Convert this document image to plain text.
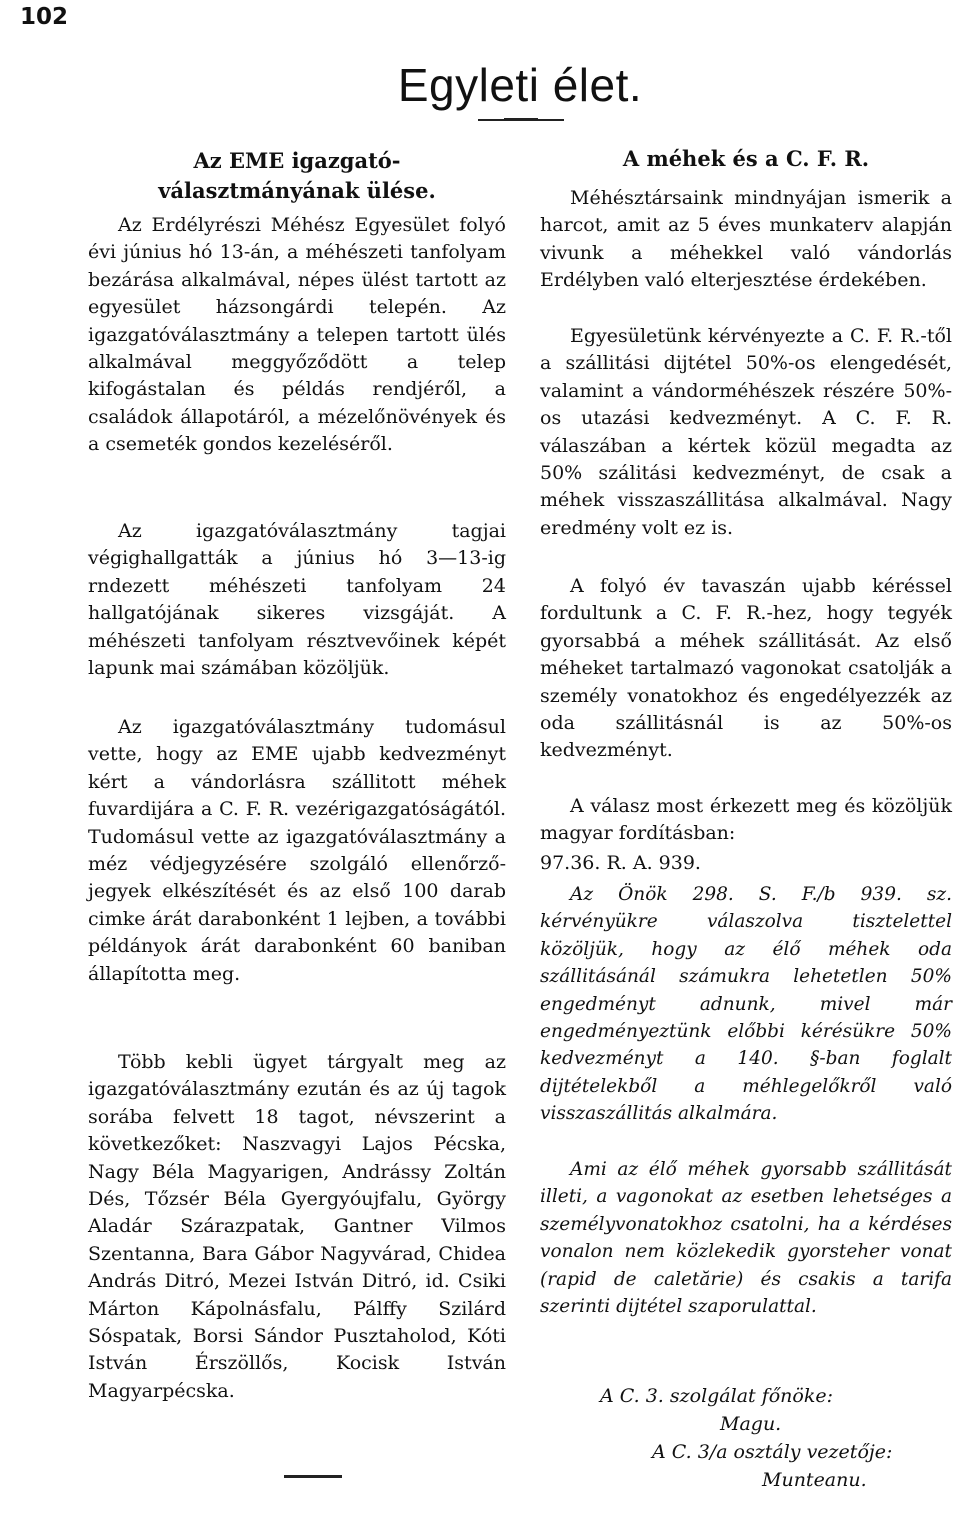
102
Egyleti élet.
Az EME igazgató-
választmányának ülése.

Az Erdélyrészi Méhész Egyesület folyó évi június hó 13-án, a méhészeti tanfolyam bezárása alkalmával, népes ülést tartott az egyesület házsongárdi telepén. Az igazgatóválasztmány a telepen tartott ülés alkalmával meggyőződött a telep kifogástalan és példás rendjéről, a családok állapotáról, a mézelőnövények és a csemeték gondos kezeléséről.

Az igazgatóválasztmány tagjai végighallgatták a június hó 3—13-ig rndezett méhészeti tanfolyam 24 hallgatójának sikeres vizsgáját. A méhészeti tanfolyam résztvevőinek képét lapunk mai számában közöljük.

Az igazgatóválasztmány tudomásul vette, hogy az EME ujabb kedvezményt kért a vándorlásra szállitott méhek fuvardijára a C. F. R. vezérigazgatóságától. Tudomásul vette az igazgatóválasztmány a méz védjegyzésére szolgáló ellenőrző-jegyek elkészítését és az első 100 darab cimke árát darabonként 1 lejben, a további példányok árát darabonként 60 baniban állapította meg.

Több kebli ügyet tárgyalt meg az igazgatóválasztmány ezután és az új tagok sorába felvett 18 tagot, névszerint a következőket: Naszvagyi Lajos Pécska, Nagy Béla Magyarigen, Andrássy Zoltán Dés, Tőzsér Béla Gyergyóujfalu, György Aladár Szárazpatak, Gantner Vilmos Szentanna, Bara Gábor Nagyvárad, Chidea András Ditró, Mezei István Ditró, id. Csiki Márton Kápolnásfalu, Pálffy Szilárd Sóspatak, Borsi Sándor Pusztaholod, Kóti István Érszöllős, Kocisk István Magyarpécska.

A méhek és a C. F. R.

Méhésztársaink mindnyájan ismerik a harcot, amit az 5 éves munkaterv alapján vivunk a méhekkel való vándorlás Erdélyben való elterjesztése érdekében.

Egyesületünk kérvényezte a C. F. R.-től a szállitási dijtétel 50%-os elengedését, valamint a vándorméhészek részére 50%-os utazási kedvezményt. A C. F. R. válaszában a kértek közül megadta az 50% szálitási kedvezményt, de csak a méhek visszaszállitása alkalmával. Nagy eredmény volt ez is.

A folyó év tavaszán ujabb kéréssel fordultunk a C. F. R.-hez, hogy tegyék gyorsabbá a méhek szállitását. Az első méheket tartalmazó vagonokat csatolják a személy vonatokhoz és engedélyezzék az oda szállitásnál is az 50%-os kedvezményt.

A válasz most érkezett meg és közöljük magyar fordításban:

97.36. R. A. 939.

Az Önök 298. S. F./b 939. sz. kérvényükre válaszolva tisztelettel közöljük, hogy az élő méhek oda szállitásánál számukra lehetetlen 50% engedményt adnunk, mivel már engedményeztünk előbbi kérésükre 50% kedvezményt a 140. §-ban foglalt dijtételekből a méhlegelőkről való visszaszállitás alkalmára.

Ami az élő méhek gyorsabb szállitását illeti, a vagonokat az esetben lehetséges a személyvonatokhoz csatolni, ha a kérdéses vonalon nem közlekedik gyorsteher vonat (rapid de caletărie) és csakis a tarifa szerinti dijtétel szaporulattal.

A C. 3. szolgálat főnöke:
Magu.
A C. 3/a osztály vezetője:
Munteanu.
